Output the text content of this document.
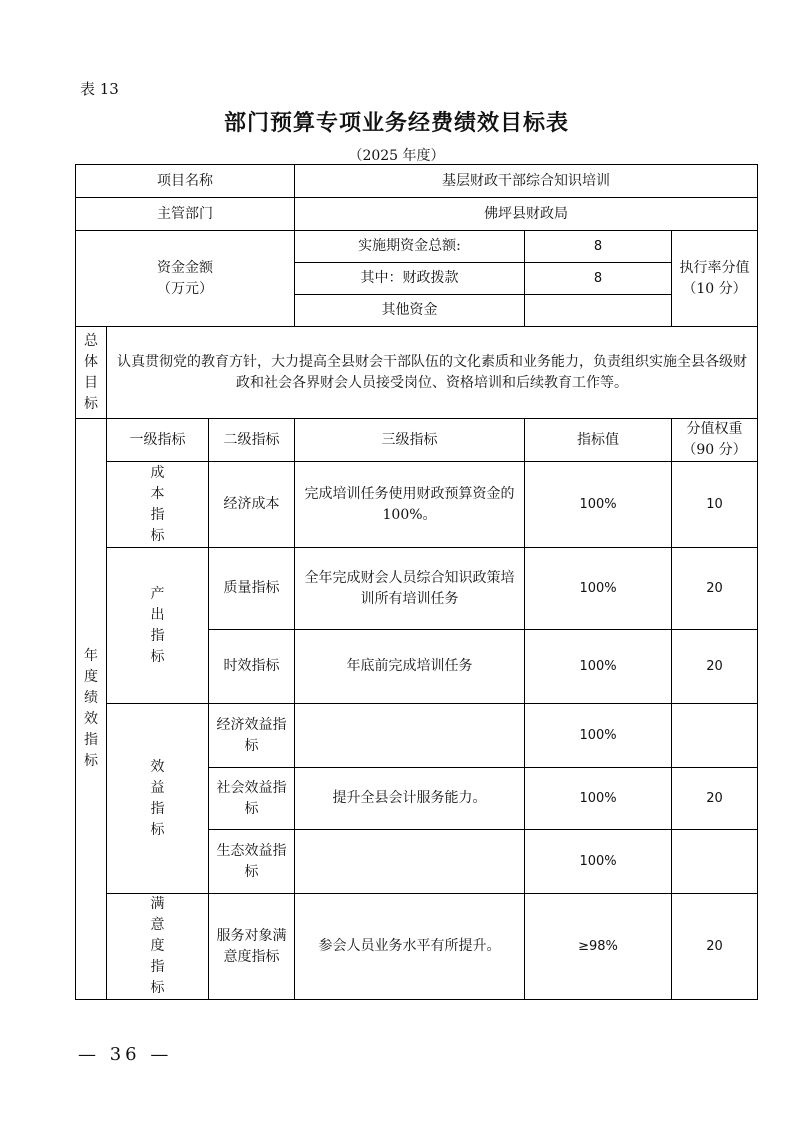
表 13
部门预算专项业务经费绩效目标表
（2025 年度）
项目名称			基层财政干部综合知识培训		
主管部门			佛坪县财政局		

资金金额
（万元）			实施期资金总额:	8	执行率分值（10 分）
			其中：财政拨款	8	
			其他资金		
总体目标	认真贯彻党的教育方针，大力提高全县财会干部队伍的文化素质和业务能力，负责组织实施全县各级财政和社会各界财会人员接受岗位、资格培训和后续教育工作等。				
年度绩效指标	一级指标	二级指标	三级指标	指标值	分值权重（90 分）
	成本指标	经济成本	完成培训任务使用财政预算资金的 100%。	100%	10
	产出指标	质量指标	全年完成财会人员综合知识政策培训所有培训任务	100%	20
		时效指标	年底前完成培训任务	100%	20
	效益指标	经济效益指标		100%	
		社会效益指标	提升全县会计服务能力。	100%	20
		生态效益指标		100%	
	满意度指标	服务对象满意度指标	参会人员业务水平有所提升。	≥98%	20
— 36 —
